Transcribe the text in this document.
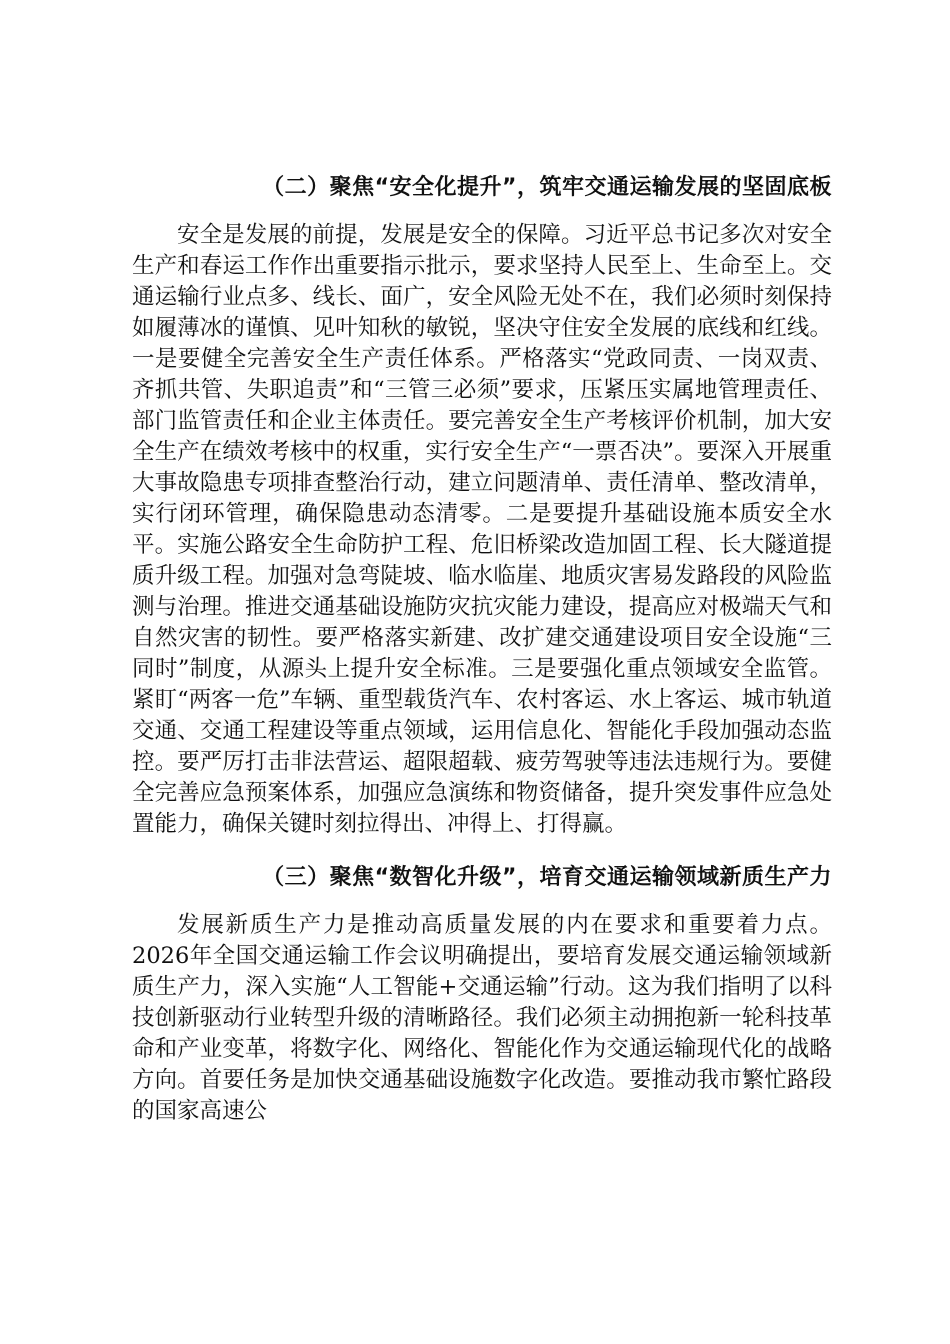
（二）聚焦“安全化提升”，筑牢交通运输发展的坚固底板

安全是发展的前提，发展是安全的保障。习近平总书记多次对安全生产和春运工作作出重要指示批示，要求坚持人民至上、生命至上。交通运输行业点多、线长、面广，安全风险无处不在，我们必须时刻保持如履薄冰的谨慎、见叶知秋的敏锐，坚决守住安全发展的底线和红线。一是要健全完善安全生产责任体系。严格落实“党政同责、一岗双责、齐抓共管、失职追责”和“三管三必须”要求，压紧压实属地管理责任、部门监管责任和企业主体责任。要完善安全生产考核评价机制，加大安全生产在绩效考核中的权重，实行安全生产“一票否决”。要深入开展重大事故隐患专项排查整治行动，建立问题清单、责任清单、整改清单，实行闭环管理，确保隐患动态清零。二是要提升基础设施本质安全水平。实施公路安全生命防护工程、危旧桥梁改造加固工程、长大隧道提质升级工程。加强对急弯陡坡、临水临崖、地质灾害易发路段的风险监测与治理。推进交通基础设施防灾抗灾能力建设，提高应对极端天气和自然灾害的韧性。要严格落实新建、改扩建交通建设项目安全设施“三同时”制度，从源头上提升安全标准。三是要强化重点领域安全监管。紧盯“两客一危”车辆、重型载货汽车、农村客运、水上客运、城市轨道交通、交通工程建设等重点领域，运用信息化、智能化手段加强动态监控。要严厉打击非法营运、超限超载、疲劳驾驶等违法违规行为。要健全完善应急预案体系，加强应急演练和物资储备，提升突发事件应急处置能力，确保关键时刻拉得出、冲得上、打得赢。

（三）聚焦“数智化升级”，培育交通运输领域新质生产力

发展新质生产力是推动高质量发展的内在要求和重要着力点。2026年全国交通运输工作会议明确提出，要培育发展交通运输领域新质生产力，深入实施“人工智能+交通运输”行动。这为我们指明了以科技创新驱动行业转型升级的清晰路径。我们必须主动拥抱新一轮科技革命和产业变革，将数字化、网络化、智能化作为交通运输现代化的战略方向。首要任务是加快交通基础设施数字化改造。要推动我市繁忙路段的国家高速公
